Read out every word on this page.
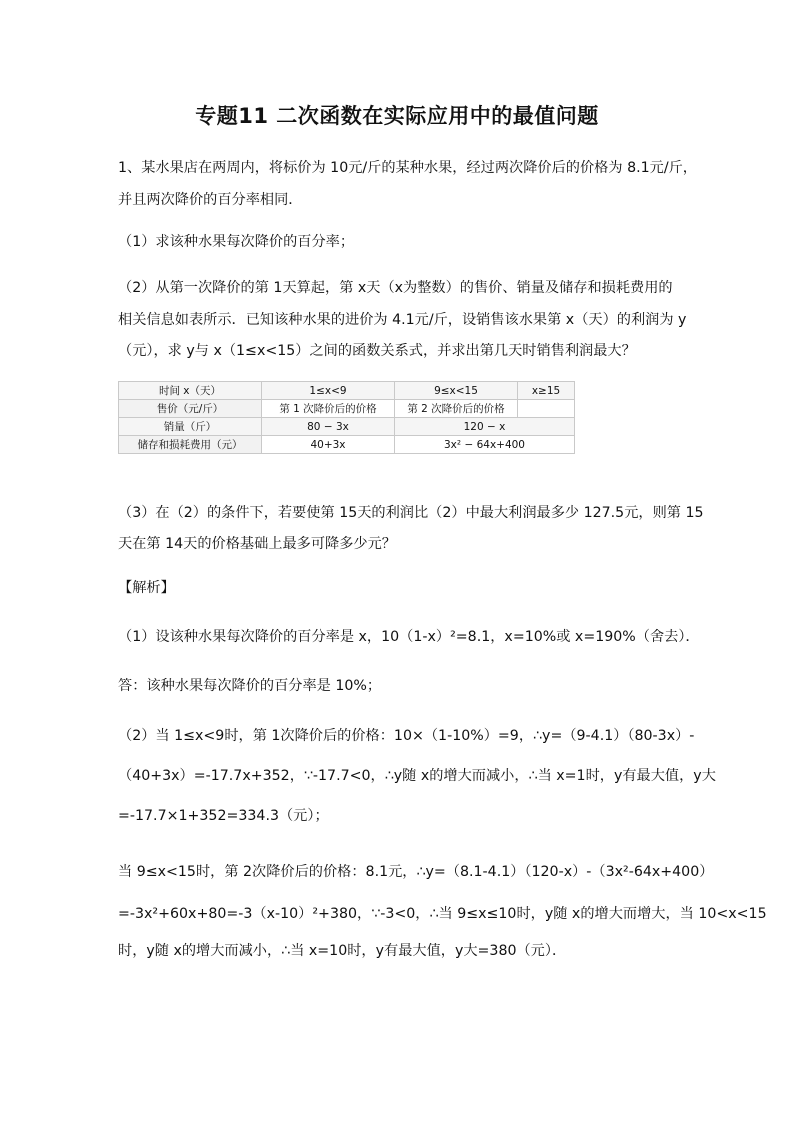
专题11 二次函数在实际应用中的最值问题
1、某水果店在两周内，将标价为 10元/斤的某种水果，经过两次降价后的价格为 8.1元/斤，
并且两次降价的百分率相同．
（1）求该种水果每次降价的百分率；
（2）从第一次降价的第 1天算起，第 x天（x为整数）的售价、销量及储存和损耗费用的
相关信息如表所示．已知该种水果的进价为 4.1元/斤，设销售该水果第 x（天）的利润为 y
（元），求 y与 x（1≤x<15）之间的函数关系式，并求出第几天时销售利润最大？
时间 x（天）	1≤x<9	9≤x<15	x≥15
售价（元/斤）	第 1 次降价后的价格	第 2 次降价后的价格	
销量（斤）	80 − 3x	120 − x	
储存和损耗费用（元）	40+3x	3x² − 64x+400	
（3）在（2）的条件下，若要使第 15天的利润比（2）中最大利润最多少 127.5元，则第 15
天在第 14天的价格基础上最多可降多少元？
【解析】
（1）设该种水果每次降价的百分率是 x，10（1-x）²=8.1，x=10%或 x=190%（舍去）．
答：该种水果每次降价的百分率是 10%；
（2）当 1≤x<9时，第 1次降价后的价格：10×（1-10%）=9，∴y=（9-4.1）（80-3x）-
（40+3x）=-17.7x+352，∵-17.7<0，∴y随 x的增大而减小，∴当 x=1时，y有最大值，y大
=-17.7×1+352=334.3（元）；
当 9≤x<15时，第 2次降价后的价格：8.1元，∴y=（8.1-4.1）（120-x）-（3x²-64x+400）
=-3x²+60x+80=-3（x-10）²+380，∵-3<0，∴当 9≤x≤10时，y随 x的增大而增大，当 10<x<15
时，y随 x的增大而减小，∴当 x=10时，y有最大值，y大=380（元）．
